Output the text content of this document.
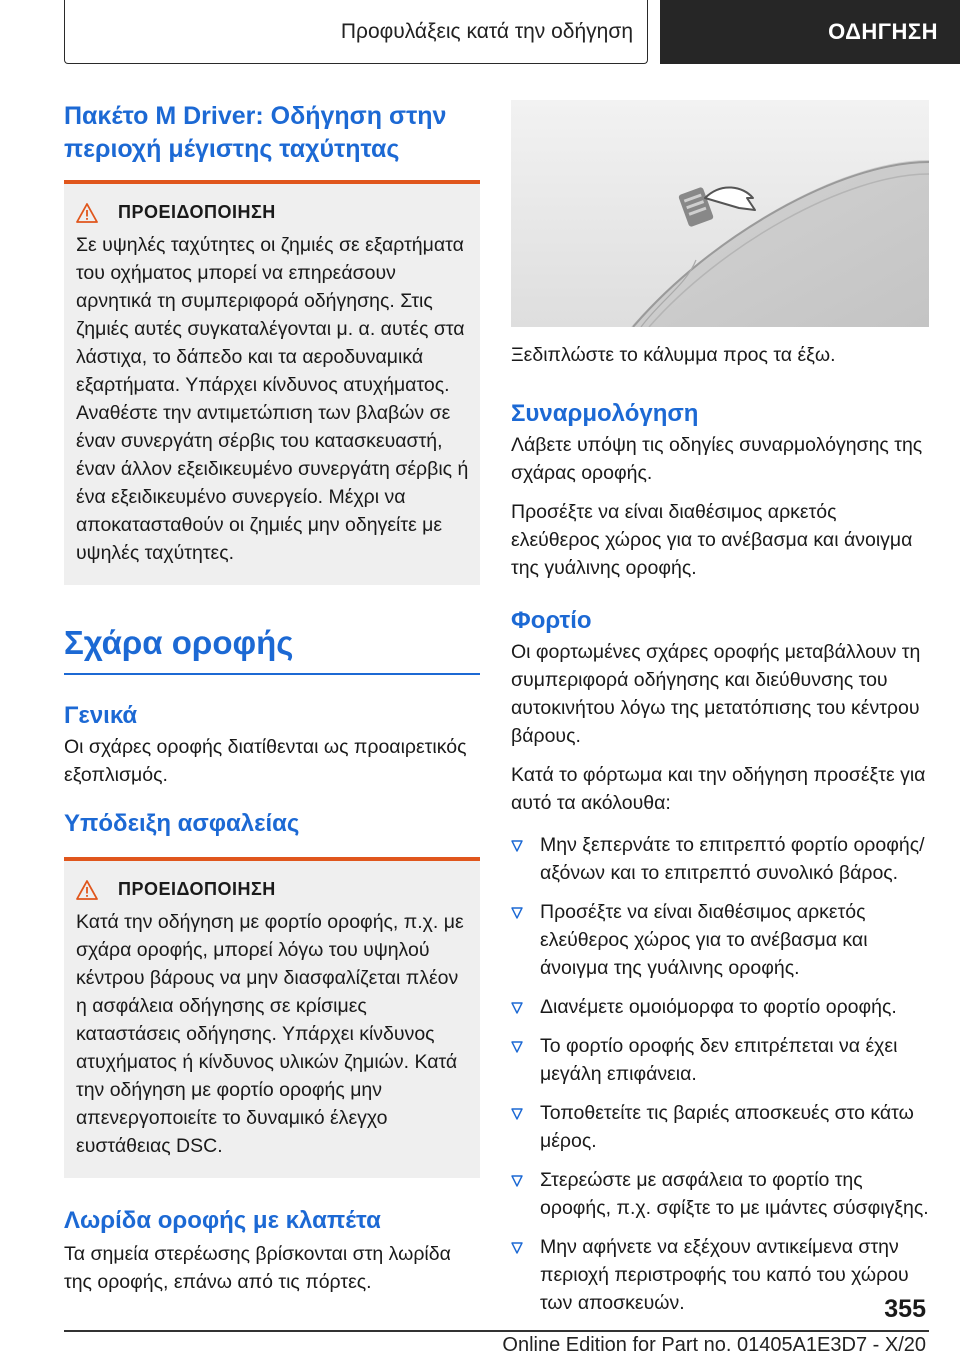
Προφυλάξεις κατά την οδήγηση	ΟΔΗΓΗΣΗ
Πακέτο M Driver: Οδήγηση στην περιοχή μέγιστης ταχύτητας
ΠΡΟΕΙΔΟΠΟΙΗΣΗ
Σε υψηλές ταχύτητες οι ζημιές σε εξαρτήματα του οχήματος μπορεί να επηρεάσουν αρνητικά τη συμπεριφορά οδήγησης. Στις ζημιές αυτές συγκαταλέγονται μ. α. αυτές στα λάστιχα, το δάπεδο και τα αεροδυναμικά εξαρτήματα. Υπάρχει κίνδυνος ατυχήματος. Αναθέστε την αντιμετώπιση των βλαβών σε έναν συνεργάτη σέρβις του κατασκευαστή, έναν άλλον εξειδικευμένο συνεργάτη σέρβις ή ένα εξειδικευμένο συνεργείο. Μέχρι να αποκατασταθούν οι ζημιές μην οδηγείτε με υψηλές ταχύτητες.
Σχάρα οροφής
Γενικά

Οι σχάρες οροφής διατίθενται ως προαιρετικός εξοπλισμός.

Υπόδειξη ασφαλείας
ΠΡΟΕΙΔΟΠΟΙΗΣΗ
Κατά την οδήγηση με φορτίο οροφής, π.χ. με σχάρα οροφής, μπορεί λόγω του υψηλού κέντρου βάρους να μην διασφαλίζεται πλέον η ασφάλεια οδήγησης σε κρίσιμες καταστάσεις οδήγησης. Υπάρχει κίνδυνος ατυχήματος ή κίνδυνος υλικών ζημιών. Κατά την οδήγηση με φορτίο οροφής μην απενεργοποιείτε το δυναμικό έλεγχο ευστάθειας DSC.
Λωρίδα οροφής με κλαπέτα

Τα σημεία στερέωσης βρίσκονται στη λωρίδα της οροφής, επάνω από τις πόρτες.

Ξεδιπλώστε το κάλυμμα προς τα έξω.

Συναρμολόγηση

Λάβετε υπόψη τις οδηγίες συναρμολόγησης της σχάρας οροφής.

Προσέξτε να είναι διαθέσιμος αρκετός ελεύθερος χώρος για το ανέβασμα και άνοιγμα της γυάλινης οροφής.

Φορτίο

Οι φορτωμένες σχάρες οροφής μεταβάλλουν τη συμπεριφορά οδήγησης και διεύθυνσης του αυτοκινήτου λόγω της μετατόπισης του κέντρου βάρους.

Κατά το φόρτωμα και την οδήγηση προσέξτε για αυτό τα ακόλουθα:

Μην ξεπερνάτε το επιτρεπτό φορτίο οροφής/αξόνων και το επιτρεπτό συνολικό βάρος.
Προσέξτε να είναι διαθέσιμος αρκετός ελεύθερος χώρος για το ανέβασμα και άνοιγμα της γυάλινης οροφής.
Διανέμετε ομοιόμορφα το φορτίο οροφής.
Το φορτίο οροφής δεν επιτρέπεται να έχει μεγάλη επιφάνεια.
Τοποθετείτε τις βαριές αποσκευές στο κάτω μέρος.
Στερεώστε με ασφάλεια το φορτίο της οροφής, π.χ. σφίξτε το με ιμάντες σύσφιγξης.
Μην αφήνετε να εξέχουν αντικείμενα στην περιοχή περιστροφής του καπό του χώρου των αποσκευών.	355
Online Edition for Part no. 01405A1E3D7 - X/20
